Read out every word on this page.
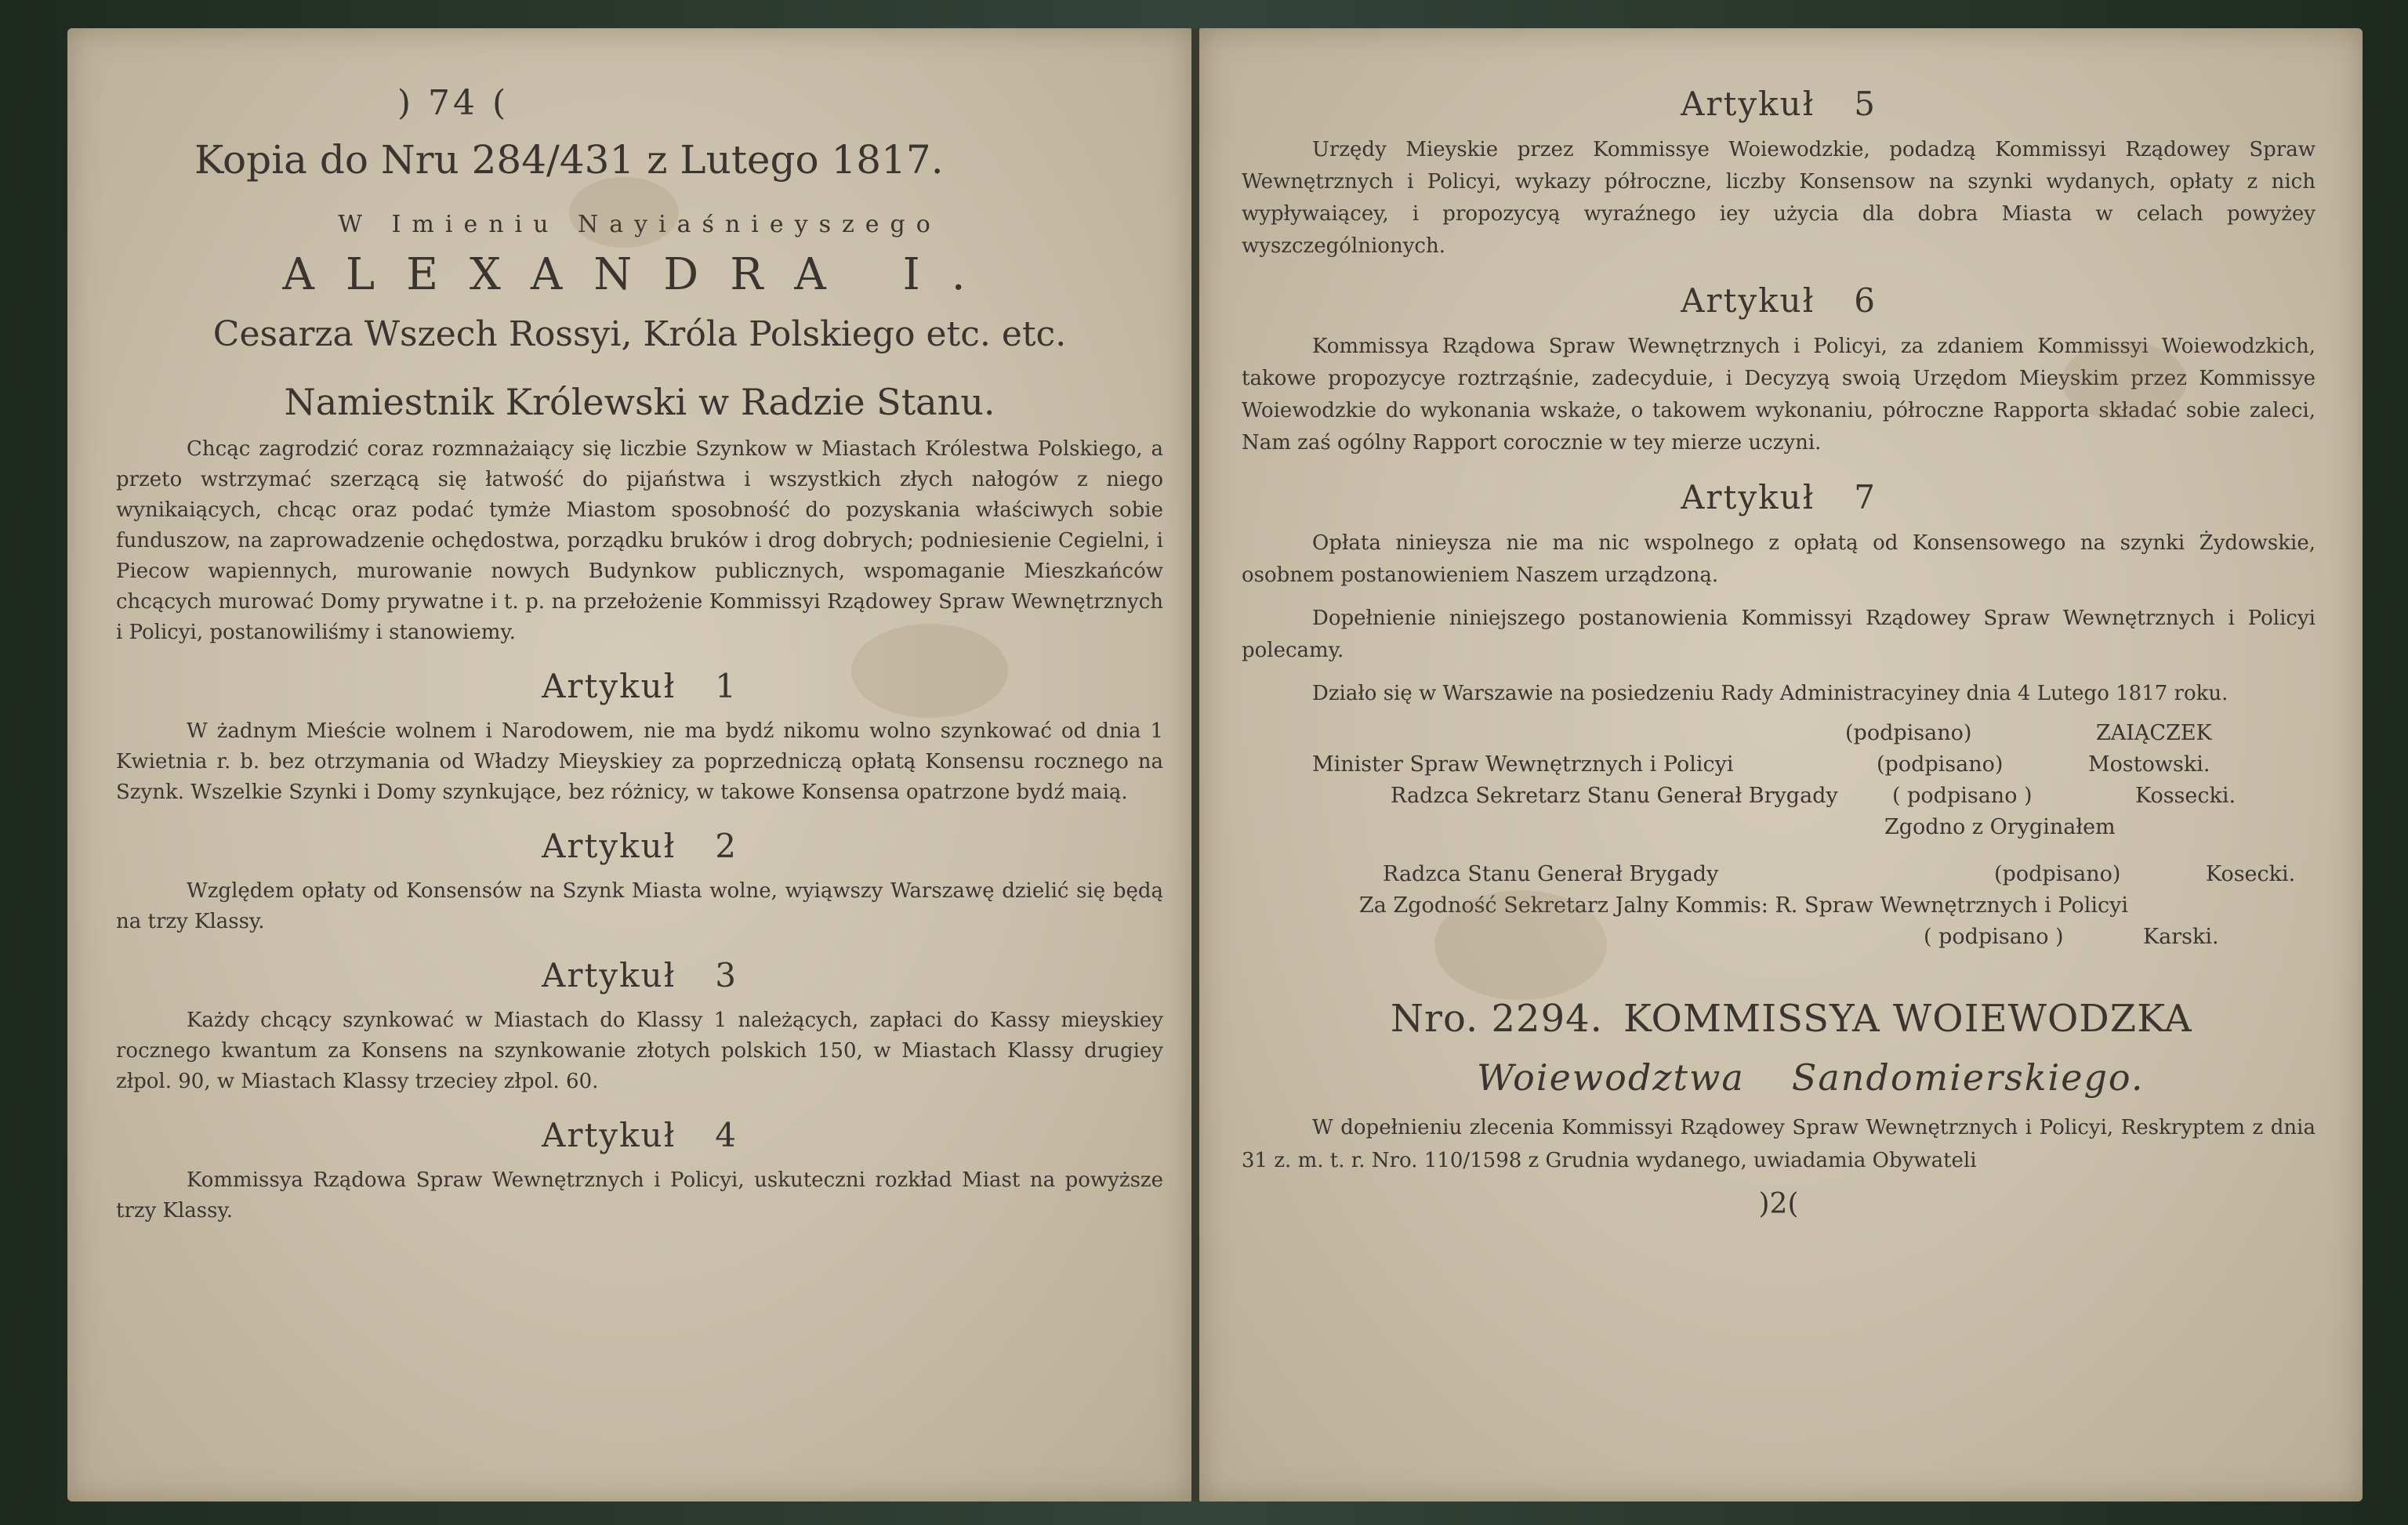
) 74 (
Kopia do Nru 284/431 z Lutego 1817.
W Imieniu Nayiaśnieyszego
ALEXANDRA I.
Cesarza Wszech Rossyi, Króla Polskiego etc. etc.
Namiestnik Królewski w Radzie Stanu.

Chcąc zagrodzić coraz rozmnażaiący się liczbie Szynkow w Miastach Królestwa Polskiego, a przeto wstrzymać szerzącą się łatwość do pijaństwa i wszystkich złych nałogów z niego wynikaiących, chcąc oraz podać tymże Miastom sposobność do pozyskania właściwych sobie funduszow, na zaprowadzenie ochędostwa, porządku bruków i drog dobrych; podniesienie Cegielni, i Piecow wapiennych, murowanie nowych Budynkow publicznych, wspomaganie Mieszkańców chcących murować Domy prywatne i t. p. na przełożenie Kommissyi Rządowey Spraw Wewnętrznych i Policyi, postanowiliśmy i stanowiemy.

Artykuł 1

W żadnym Mieście wolnem i Narodowem, nie ma bydź nikomu wolno szynkować od dnia 1 Kwietnia r. b. bez otrzymania od Władzy Mieyskiey za poprzedniczą opłatą Konsensu rocznego na Szynk. Wszelkie Szynki i Domy szynkujące, bez różnicy, w takowe Konsensa opatrzone bydź maią.

Artykuł 2

Względem opłaty od Konsensów na Szynk Miasta wolne, wyiąwszy Warszawę dzielić się będą na trzy Klassy.

Artykuł 3

Każdy chcący szynkować w Miastach do Klassy 1 należących, zapłaci do Kassy mieyskiey rocznego kwantum za Konsens na szynkowanie złotych polskich 150, w Miastach Klassy drugiey złpol. 90, w Miastach Klassy trzeciey złpol. 60.

Artykuł 4

Kommissya Rządowa Spraw Wewnętrznych i Policyi, uskuteczni rozkład Miast na powyższe trzy Klassy.

Artykuł 5

Urzędy Mieyskie przez Kommissye Woiewodzkie, podadzą Kommissyi Rządowey Spraw Wewnętrznych i Policyi, wykazy półroczne, liczby Konsensow na szynki wydanych, opłaty z nich wypływaiącey, i propozycyą wyraźnego iey użycia dla dobra Miasta w celach powyżey wyszczególnionych.

Artykuł 6

Kommissya Rządowa Spraw Wewnętrznych i Policyi, za zdaniem Kommissyi Woiewodzkich, takowe propozycye roztrząśnie, zadecyduie, i Decyzyą swoią Urzędom Mieyskim przez Kommissye Woiewodzkie do wykonania wskaże, o takowem wykonaniu, półroczne Rapporta składać sobie zaleci, Nam zaś ogólny Rapport corocznie w tey mierze uczyni.

Artykuł 7

Opłata ninieysza nie ma nic wspolnego z opłatą od Konsensowego na szynki Żydowskie, osobnem postanowieniem Naszem urządzoną.

Dopełnienie niniejszego postanowienia Kommissyi Rządowey Spraw Wewnętrznych i Policyi polecamy.

Działo się w Warszawie na posiedzeniu Rady Administracyiney dnia 4 Lutego 1817 roku.

(podpisano)	ZAIĄCZEK
Minister Spraw Wewnętrznych i Policyi	(podpisano)	Mostowski.
Radzca Sekretarz Stanu Generał Brygady	( podpisano )	Kossecki.
Zgodno z Oryginałem
Radzca Stanu Generał Brygady	(podpisano)	Kosecki.
Za Zgodność Sekretarz Jalny Kommis: R. Spraw Wewnętrznych i Policyi
( podpisano )	Karski.
Nro. 2294. KOMMISSYA WOIEWODZKA
Woiewodztwa Sandomierskiego.

W dopełnieniu zlecenia Kommissyi Rządowey Spraw Wewnętrznych i Policyi, Reskryptem z dnia 31 z. m. t. r. Nro. 110/1598 z Grudnia wydanego, uwiadamia Obywateli

)2(
